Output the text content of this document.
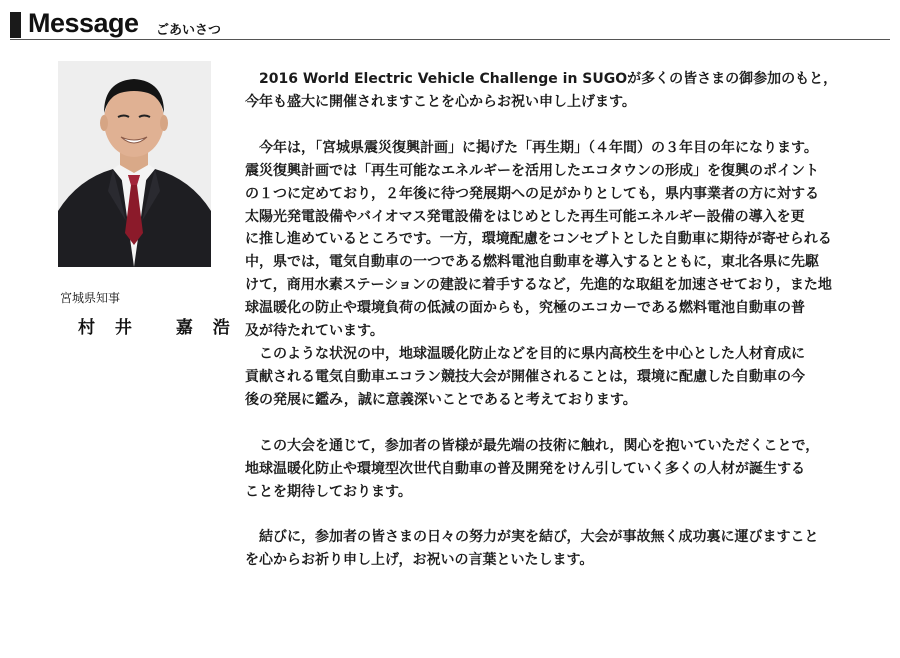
Message ごあいさつ
宮城県知事
村 井　 嘉 浩

　2016 World Electric Vehicle Challenge in SUGOが多くの皆さまの御参加のもと，

今年も盛大に開催されますことを心からお祝い申し上げます。

　今年は，「宮城県震災復興計画」に掲げた「再生期」（４年間）の３年目の年になります。

震災復興計画では「再生可能なエネルギーを活用したエコタウンの形成」を復興のポイント

の１つに定めており，２年後に待つ発展期への足がかりとしても，県内事業者の方に対する

太陽光発電設備やバイオマス発電設備をはじめとした再生可能エネルギー設備の導入を更

に推し進めているところです。一方，環境配慮をコンセプトとした自動車に期待が寄せられる

中，県では，電気自動車の一つである燃料電池自動車を導入するとともに，東北各県に先駆

けて，商用水素ステーションの建設に着手するなど，先進的な取組を加速させており，また地

球温暖化の防止や環境負荷の低減の面からも，究極のエコカーである燃料電池自動車の普

及が待たれています。

　このような状況の中，地球温暖化防止などを目的に県内高校生を中心とした人材育成に

貢献される電気自動車エコラン競技大会が開催されることは，環境に配慮した自動車の今

後の発展に鑑み，誠に意義深いことであると考えております。

　この大会を通じて，参加者の皆様が最先端の技術に触れ，関心を抱いていただくことで，

地球温暖化防止や環境型次世代自動車の普及開発をけん引していく多くの人材が誕生する

ことを期待しております。

　結びに，参加者の皆さまの日々の努力が実を結び，大会が事故無く成功裏に運びますこと

を心からお祈り申し上げ，お祝いの言葉といたします。
